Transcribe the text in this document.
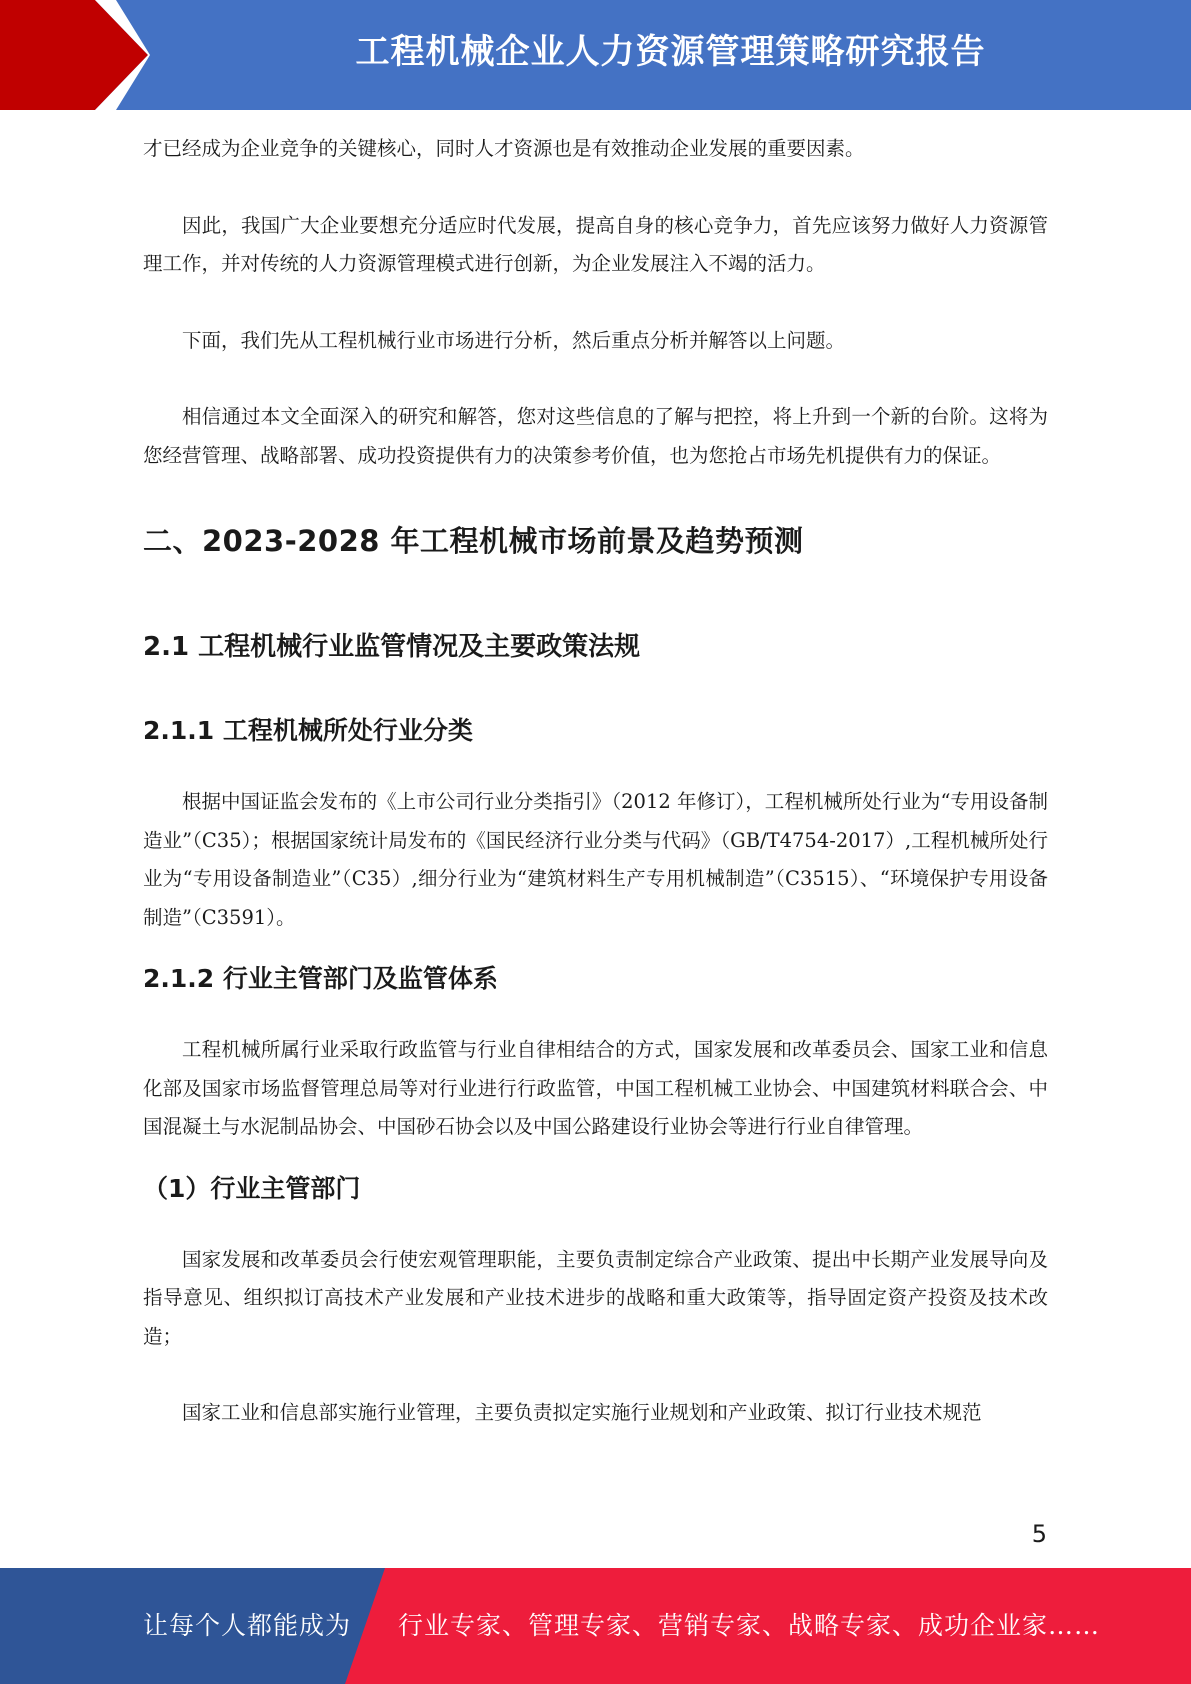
工程机械企业人力资源管理策略研究报告

才已经成为企业竞争的关键核心，同时人才资源也是有效推动企业发展的重要因素。

因此，我国广大企业要想充分适应时代发展，提高自身的核心竞争力，首先应该努力做好人力资源管理工作，并对传统的人力资源管理模式进行创新，为企业发展注入不竭的活力。

下面，我们先从工程机械行业市场进行分析，然后重点分析并解答以上问题。

相信通过本文全面深入的研究和解答，您对这些信息的了解与把控，将上升到一个新的台阶。这将为您经营管理、战略部署、成功投资提供有力的决策参考价值，也为您抢占市场先机提供有力的保证。

二、2023-2028 年工程机械市场前景及趋势预测
2.1 工程机械行业监管情况及主要政策法规
2.1.1 工程机械所处行业分类

根据中国证监会发布的《上市公司行业分类指引》（2012 年修订），工程机械所处行业为“专用设备制造业”（C35）；根据国家统计局发布的《国民经济行业分类与代码》（GB/T4754-2017）,工程机械所处行业为“专用设备制造业”（C35）,细分行业为“建筑材料生产专用机械制造”（C3515）、“环境保护专用设备制造”（C3591）。

2.1.2 行业主管部门及监管体系

工程机械所属行业采取行政监管与行业自律相结合的方式，国家发展和改革委员会、国家工业和信息化部及国家市场监督管理总局等对行业进行行政监管，中国工程机械工业协会、中国建筑材料联合会、中国混凝土与水泥制品协会、中国砂石协会以及中国公路建设行业协会等进行行业自律管理。

（1）行业主管部门

国家发展和改革委员会行使宏观管理职能，主要负责制定综合产业政策、提出中长期产业发展导向及指导意见、组织拟订高技术产业发展和产业技术进步的战略和重大政策等，指导固定资产投资及技术改造；

国家工业和信息部实施行业管理，主要负责拟定实施行业规划和产业政策、拟订行业技术规范

5
让每个人都能成为 行业专家、管理专家、营销专家、战略专家、成功企业家……
